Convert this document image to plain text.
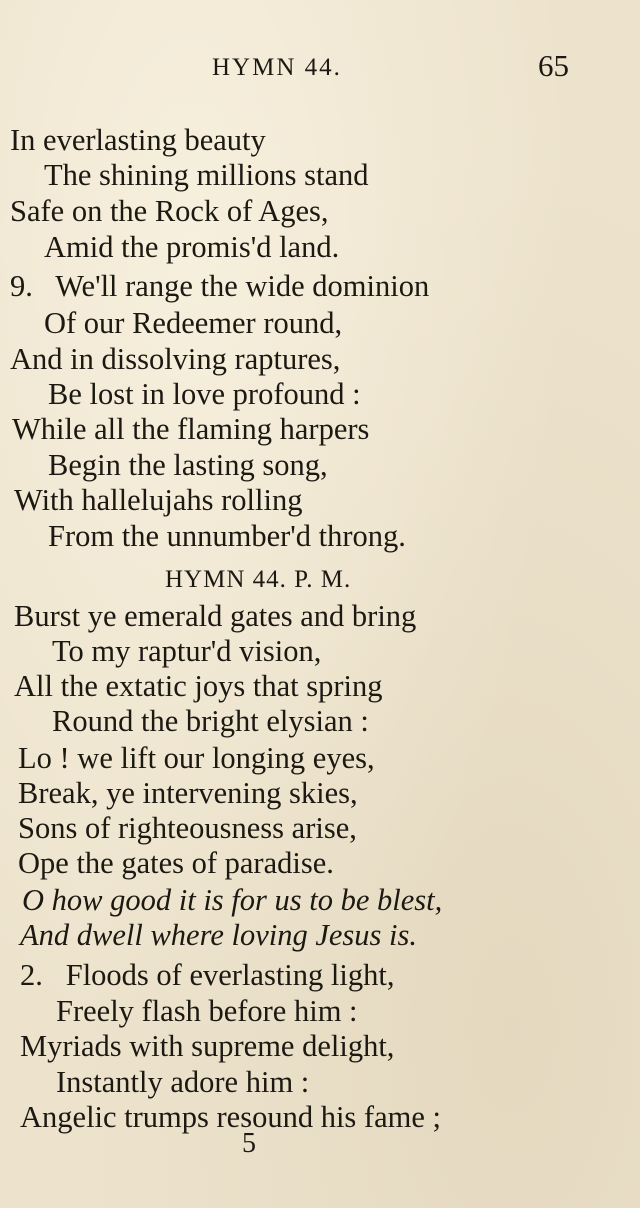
HYMN 44.	65
In everlasting beauty
The shining millions stand
Safe on the Rock of Ages,
Amid the promis'd land.
9.   We'll range the wide dominion
Of our Redeemer round,
And in dissolving raptures,
Be lost in love profound :
While all the flaming harpers
Begin the lasting song,
With hallelujahs rolling
From the unnumber'd throng.
HYMN 44. P. M.
Burst ye emerald gates and bring
To my raptur'd vision,
All the extatic joys that spring
Round the bright elysian :
Lo ! we lift our longing eyes,
Break, ye intervening skies,
Sons of righteousness arise,
Ope the gates of paradise.
O how good it is for us to be blest,
And dwell where loving Jesus is.
2.   Floods of everlasting light,
Freely flash before him :
Myriads with supreme delight,
Instantly adore him :
Angelic trumps resound his fame ;
5
